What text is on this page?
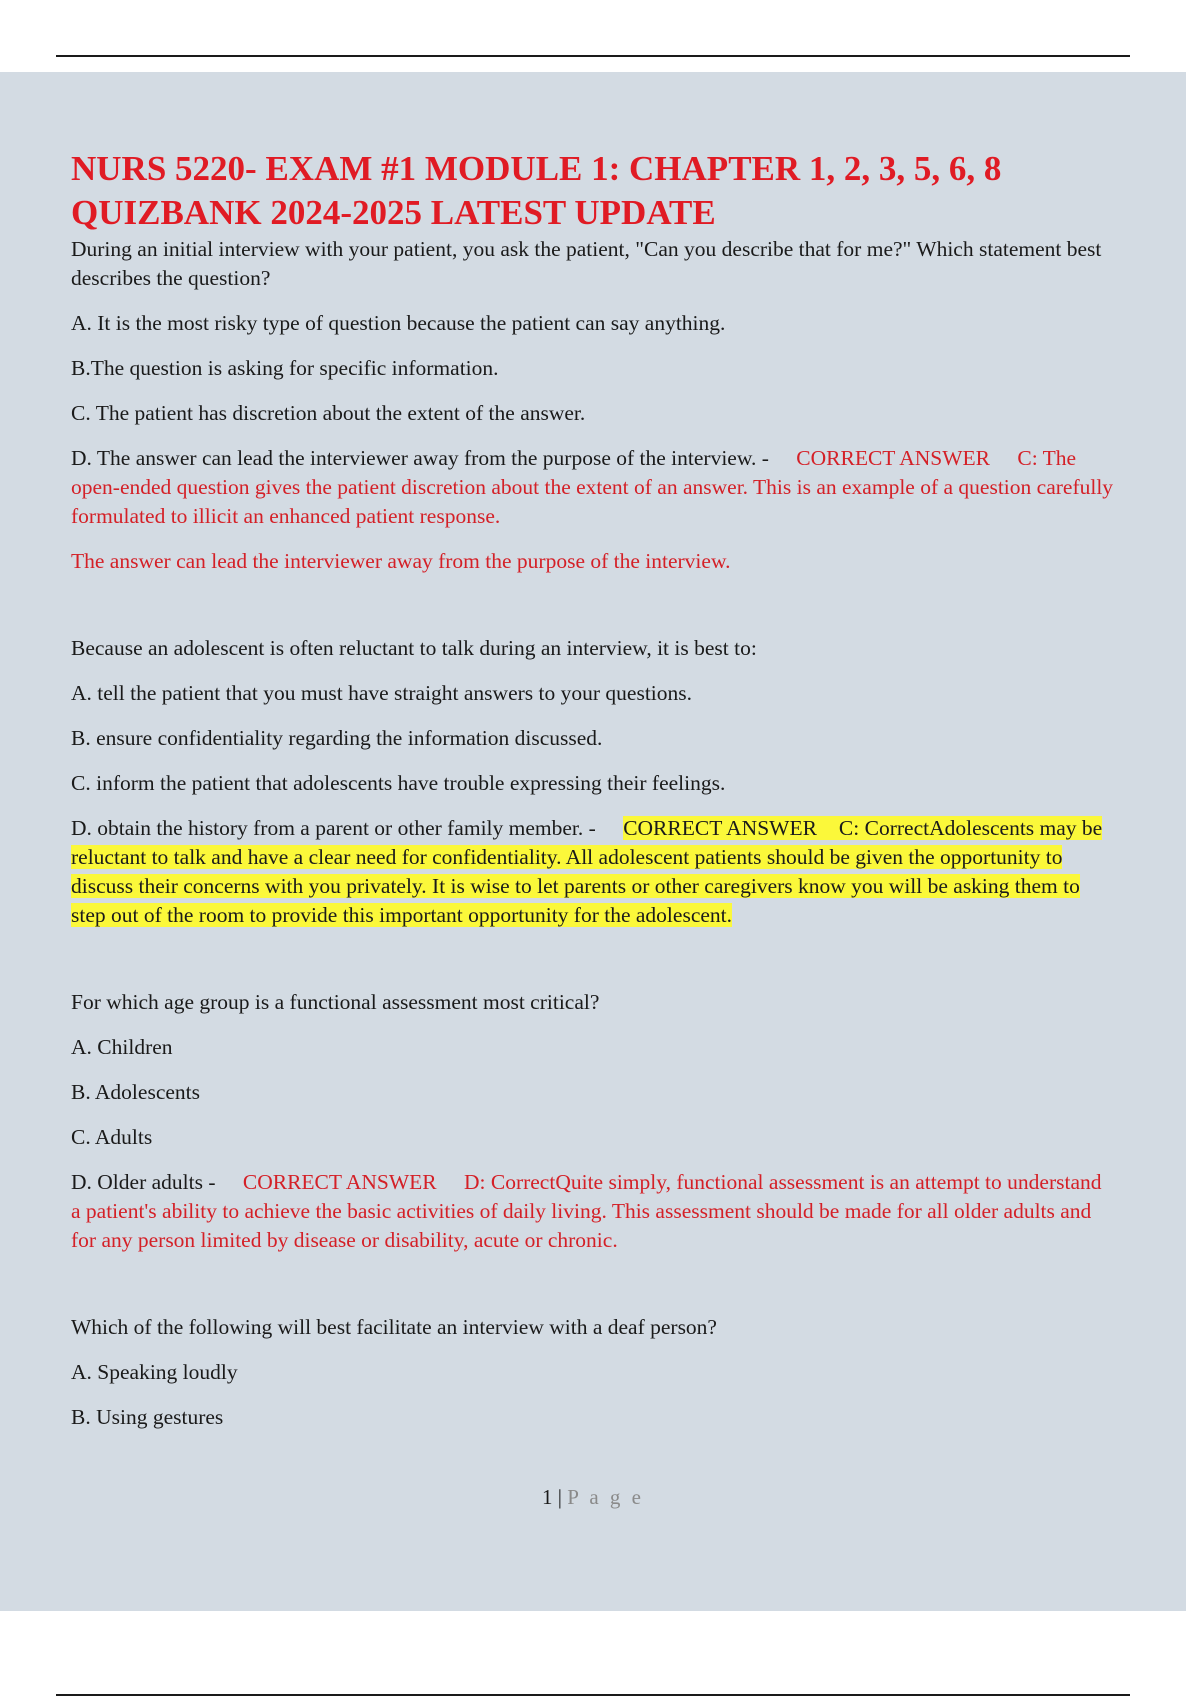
NURS 5220- EXAM #1 MODULE 1: CHAPTER 1, 2, 3, 5, 6, 8
QUIZBANK 2024-2025 LATEST UPDATE

During an initial interview with your patient, you ask the patient, "Can you describe that for me?" Which statement best describes the question?

A. It is the most risky type of question because the patient can say anything.

B.The question is asking for specific information.

C. The patient has discretion about the extent of the answer.

D. The answer can lead the interviewer away from the purpose of the interview. - CORRECT ANSWER C: The open-ended question gives the patient discretion about the extent of an answer. This is an example of a question carefully formulated to illicit an enhanced patient response.

The answer can lead the interviewer away from the purpose of the interview.

Because an adolescent is often reluctant to talk during an interview, it is best to:

A. tell the patient that you must have straight answers to your questions.

B. ensure confidentiality regarding the information discussed.

C. inform the patient that adolescents have trouble expressing their feelings.

D. obtain the history from a parent or other family member. - CORRECT ANSWER C: CorrectAdolescents may be reluctant to talk and have a clear need for confidentiality. All adolescent patients should be given the opportunity to discuss their concerns with you privately. It is wise to let parents or other caregivers know you will be asking them to step out of the room to provide this important opportunity for the adolescent.

For which age group is a functional assessment most critical?

A. Children

B. Adolescents

C. Adults

D. Older adults - CORRECT ANSWER D: CorrectQuite simply, functional assessment is an attempt to understand a patient's ability to achieve the basic activities of daily living. This assessment should be made for all older adults and for any person limited by disease or disability, acute or chronic.

Which of the following will best facilitate an interview with a deaf person?

A. Speaking loudly

B. Using gestures

1 | P a g e
